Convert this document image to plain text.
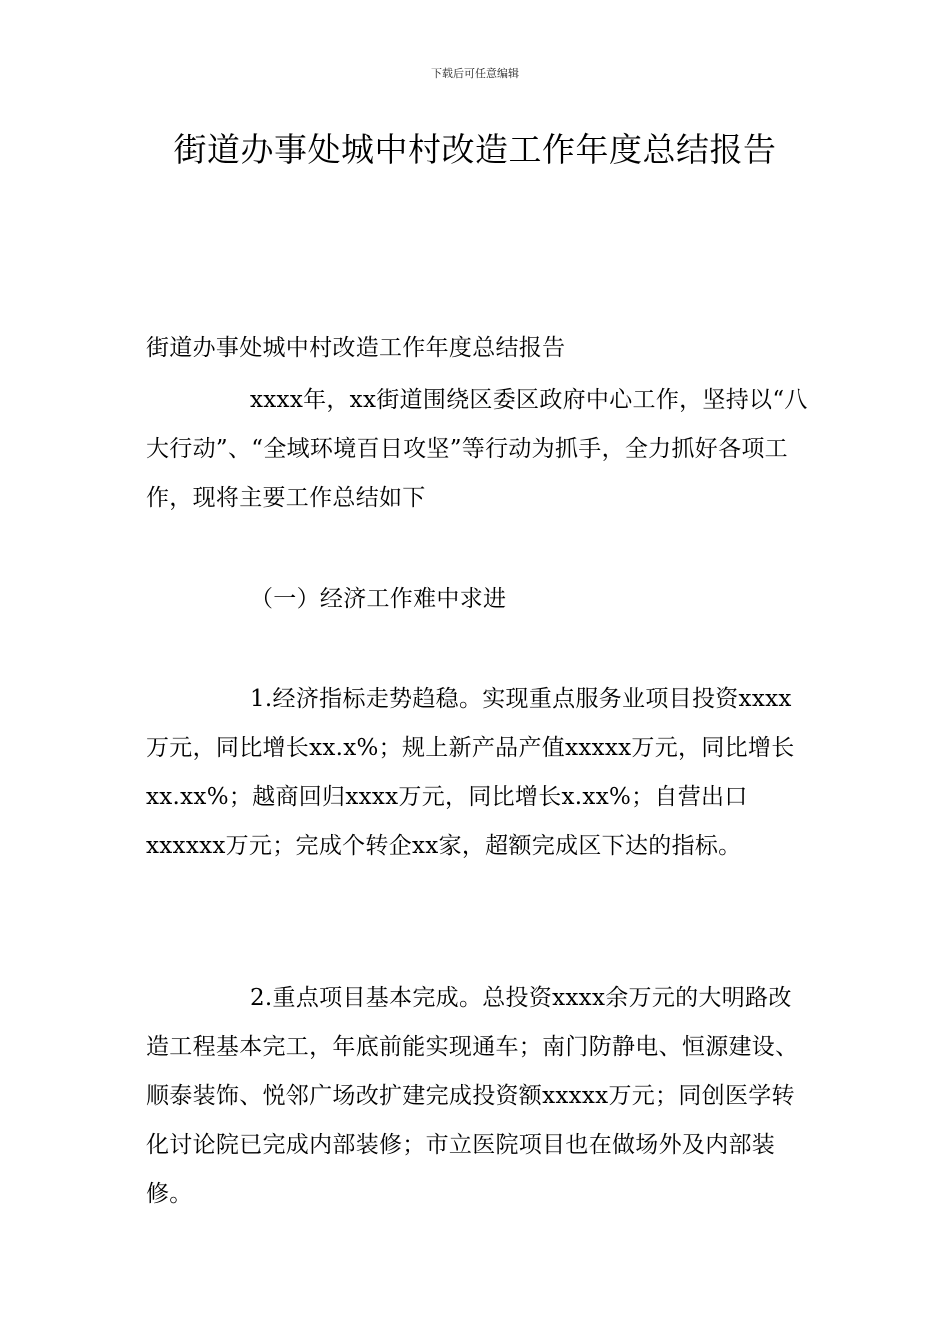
下载后可任意编辑
街道办事处城中村改造工作年度总结报告

街道办事处城中村改造工作年度总结报告

xxxx年，xx街道围绕区委区政府中心工作，坚持以“八大行动”、“全域环境百日攻坚”等行动为抓手，全力抓好各项工作，现将主要工作总结如下

（一）经济工作难中求进

1.经济指标走势趋稳。实现重点服务业项目投资xxxx万元，同比增长xx.x%；规上新产品产值xxxxx万元，同比增长xx.xx%；越商回归xxxx万元，同比增长x.xx%；自营出口xxxxxx万元；完成个转企xx家，超额完成区下达的指标。

2.重点项目基本完成。总投资xxxx余万元的大明路改造工程基本完工，年底前能实现通车；南门防静电、恒源建设、顺泰装饰、悦邻广场改扩建完成投资额xxxxx万元；同创医学转化讨论院已完成内部装修；市立医院项目也在做场外及内部装修。
